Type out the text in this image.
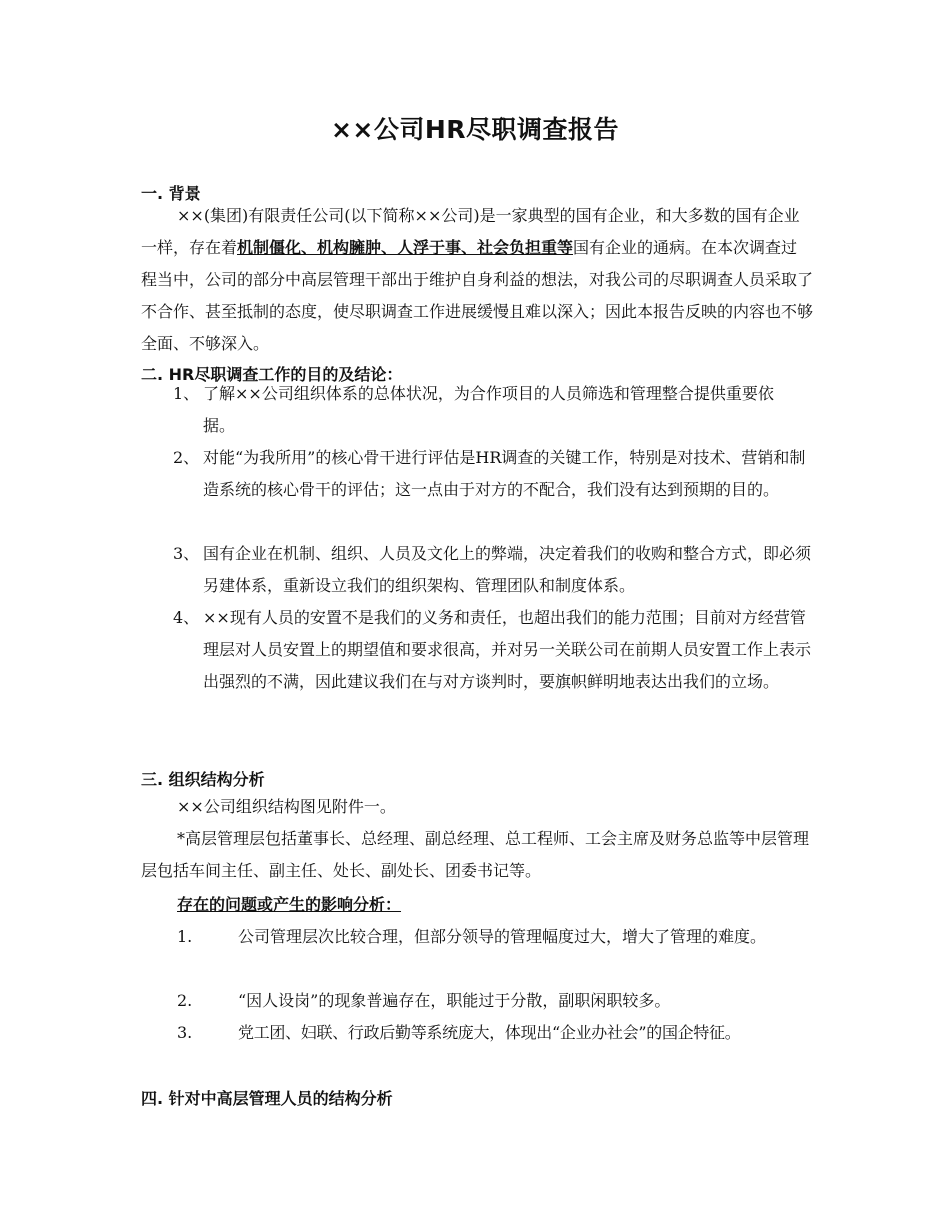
××公司HR尽职调查报告
一. 背景

××(集团)有限责任公司(以下简称××公司)是一家典型的国有企业，和大多数的国有企业一样，存在着机制僵化、机构臃肿、人浮于事、社会负担重等国有企业的通病。在本次调查过程当中，公司的部分中高层管理干部出于维护自身利益的想法，对我公司的尽职调查人员采取了不合作、甚至抵制的态度，使尽职调查工作进展缓慢且难以深入；因此本报告反映的内容也不够全面、不够深入。

二. HR尽职调查工作的目的及结论：
1、 了解××公司组织体系的总体状况，为合作项目的人员筛选和管理整合提供重要依据。

2、 对能“为我所用”的核心骨干进行评估是HR调查的关键工作，特别是对技术、营销和制造系统的核心骨干的评估；这一点由于对方的不配合，我们没有达到预期的目的。

3、 国有企业在机制、组织、人员及文化上的弊端，决定着我们的收购和整合方式，即必须另建体系，重新设立我们的组织架构、管理团队和制度体系。

4、 ××现有人员的安置不是我们的义务和责任，也超出我们的能力范围；目前对方经营管理层对人员安置上的期望值和要求很高，并对另一关联公司在前期人员安置工作上表示出强烈的不满，因此建议我们在与对方谈判时，要旗帜鲜明地表达出我们的立场。

三. 组织结构分析

××公司组织结构图见附件一。

*高层管理层包括董事长、总经理、副总经理、总工程师、工会主席及财务总监等中层管理层包括车间主任、副主任、处长、副处长、团委书记等。

存在的问题或产生的影响分析：
1.	公司管理层次比较合理，但部分领导的管理幅度过大，增大了管理的难度。

2.	“因人设岗”的现象普遍存在，职能过于分散，副职闲职较多。

3.	党工团、妇联、行政后勤等系统庞大，体现出“企业办社会”的国企特征。

四. 针对中高层管理人员的结构分析
